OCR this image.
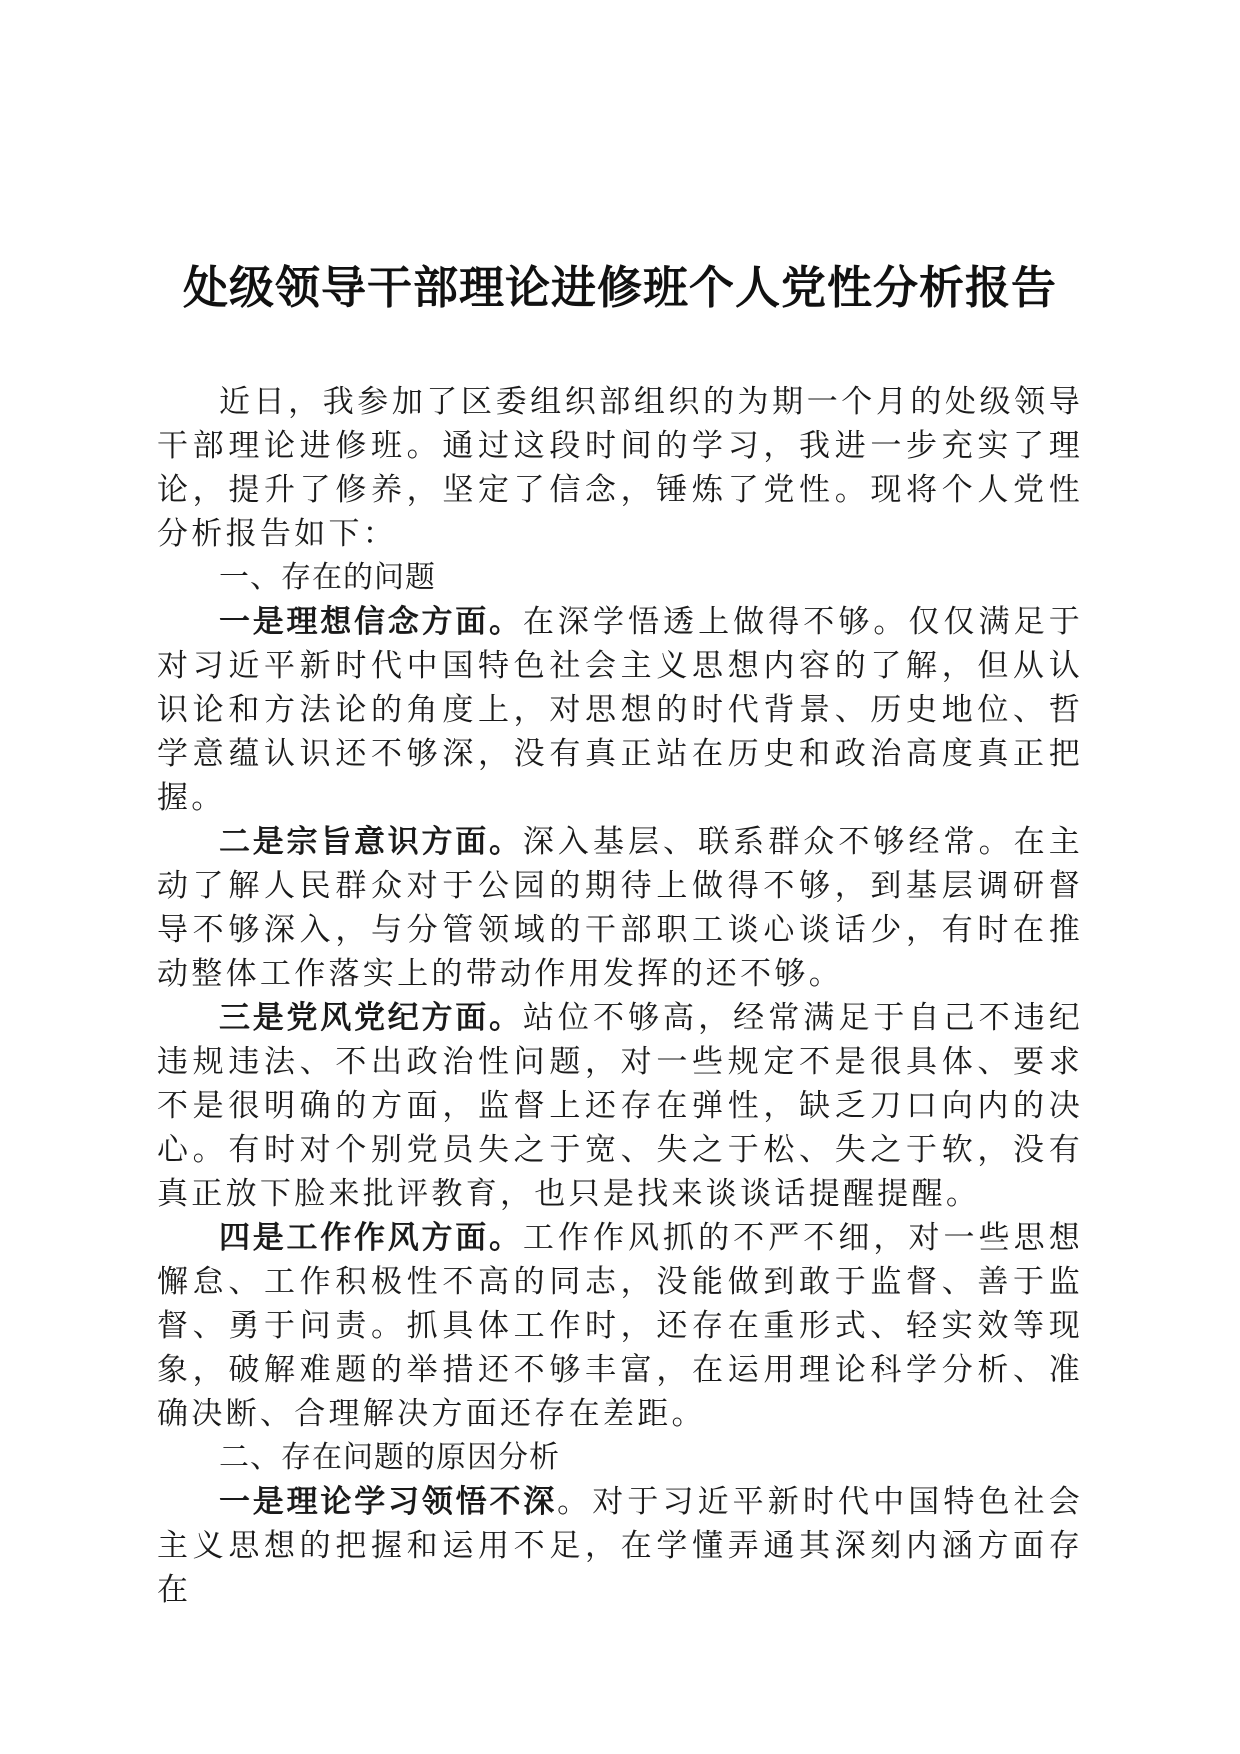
处级领导干部理论进修班个人党性分析报告

近日，我参加了区委组织部组织的为期一个月的处级领导干部理论进修班。通过这段时间的学习，我进一步充实了理论，提升了修养，坚定了信念，锤炼了党性。现将个人党性分析报告如下：

一、存在的问题

一是理想信念方面。在深学悟透上做得不够。仅仅满足于对习近平新时代中国特色社会主义思想内容的了解，但从认识论和方法论的角度上，对思想的时代背景、历史地位、哲学意蕴认识还不够深，没有真正站在历史和政治高度真正把握。

二是宗旨意识方面。深入基层、联系群众不够经常。在主动了解人民群众对于公园的期待上做得不够，到基层调研督导不够深入，与分管领域的干部职工谈心谈话少，有时在推动整体工作落实上的带动作用发挥的还不够。

三是党风党纪方面。站位不够高，经常满足于自己不违纪违规违法、不出政治性问题，对一些规定不是很具体、要求不是很明确的方面，监督上还存在弹性，缺乏刀口向内的决心。有时对个别党员失之于宽、失之于松、失之于软，没有真正放下脸来批评教育，也只是找来谈谈话提醒提醒。

四是工作作风方面。工作作风抓的不严不细，对一些思想懈怠、工作积极性不高的同志，没能做到敢于监督、善于监督、勇于问责。抓具体工作时，还存在重形式、轻实效等现象，破解难题的举措还不够丰富，在运用理论科学分析、准确决断、合理解决方面还存在差距。

二、存在问题的原因分析

一是理论学习领悟不深。对于习近平新时代中国特色社会主义思想的把握和运用不足，在学懂弄通其深刻内涵方面存在
